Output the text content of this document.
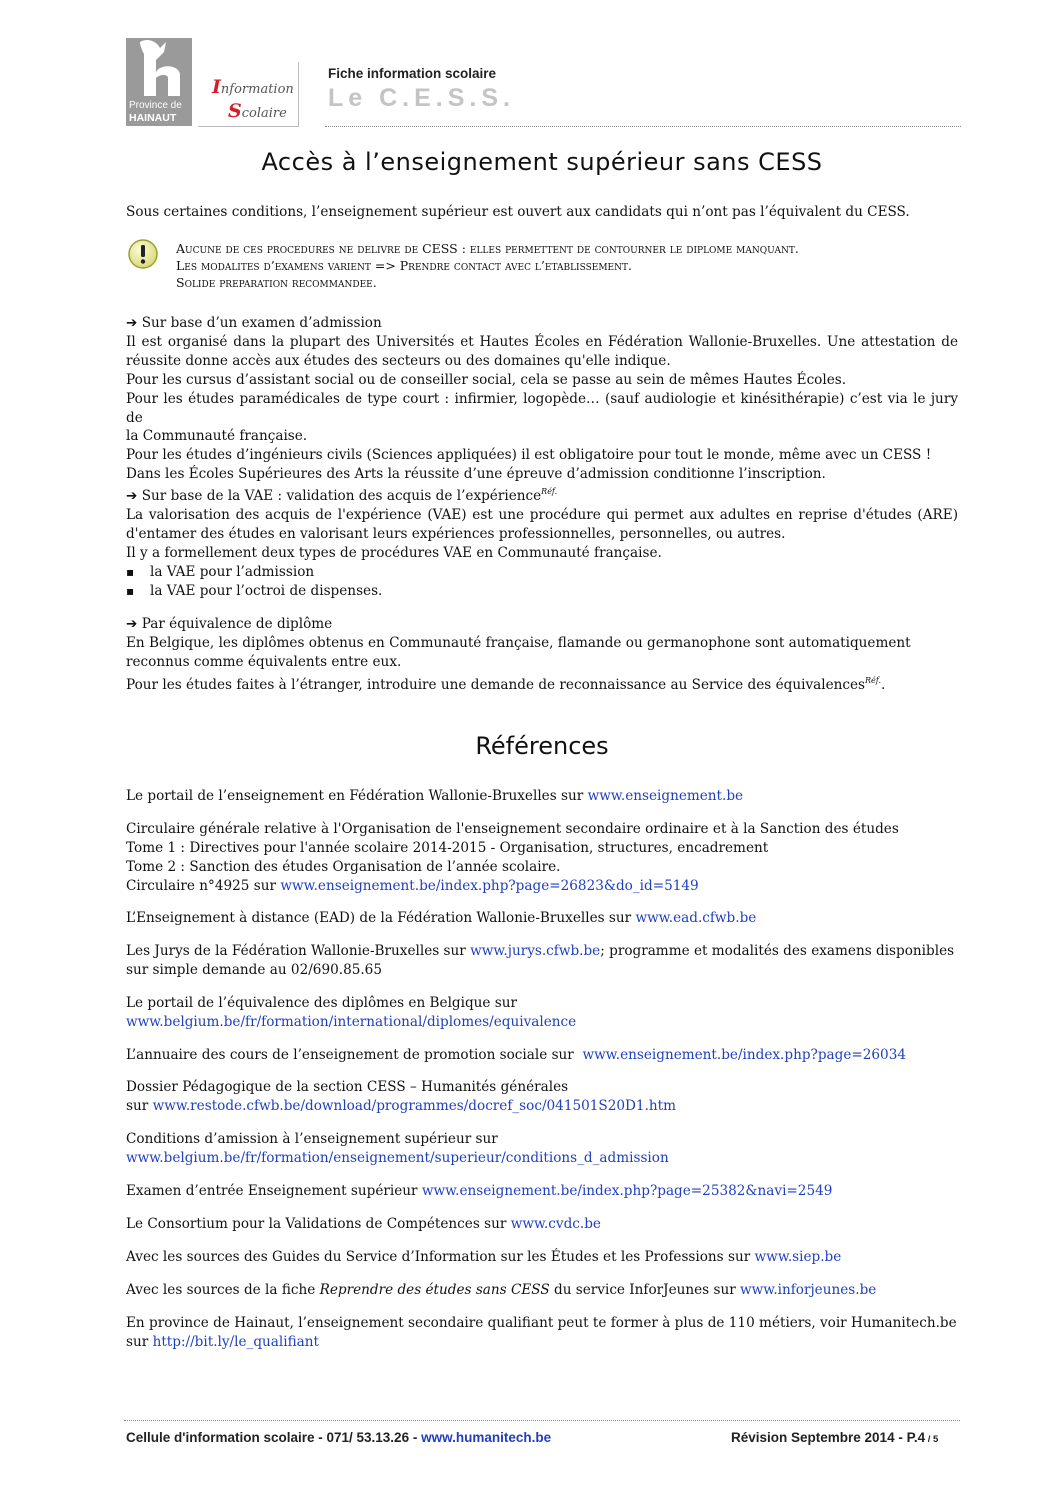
Province de
HAINAUT
Information
Scolaire
Fiche information scolaire
Le C.E.S.S.
Accès à l’enseignement supérieur sans CESS
Sous certaines conditions, l’enseignement supérieur est ouvert aux candidats qui n’ont pas l’équivalent du CESS.
Aucune de ces procedures ne delivre de CESS : elles permettent de contourner le diplome manquant.
Les modalites d’examens varient => Prendre contact avec l’etablissement.
Solide preparation recommandee.
➔ Sur base d’un examen d’admission
Il est organisé dans la plupart des Universités et Hautes Écoles en Fédération Wallonie-Bruxelles. Une attestation de
réussite donne accès aux études des secteurs ou des domaines qu'elle indique.
Pour les cursus d’assistant social ou de conseiller social, cela se passe au sein de mêmes Hautes Écoles.
Pour les études paramédicales de type court : infirmier, logopède… (sauf audiologie et kinésithérapie) c’est via le jury de
la Communauté française.
Pour les études d’ingénieurs civils (Sciences appliquées) il est obligatoire pour tout le monde, même avec un CESS !
Dans les Écoles Supérieures des Arts la réussite d’une épreuve d’admission conditionne l’inscription.
➔ Sur base de la VAE : validation des acquis de l’expérience$^{Réf.}$
La valorisation des acquis de l'expérience (VAE) est une procédure qui permet aux adultes en reprise d'études (ARE)
d'entamer des études en valorisant leurs expériences professionnelles, personnelles, ou autres.
Il y a formellement deux types de procédures VAE en Communauté française.
▪ la VAE pour l’admission
▪ la VAE pour l’octroi de dispenses.
➔ Par équivalence de diplôme
En Belgique, les diplômes obtenus en Communauté française, flamande ou germanophone sont automatiquement
reconnus comme équivalents entre eux.
Pour les études faites à l’étranger, introduire une demande de reconnaissance au Service des équivalences$^{Réf.}$.
Références
Le portail de l’enseignement en Fédération Wallonie-Bruxelles sur www.enseignement.be
Circulaire générale relative à l'Organisation de l'enseignement secondaire ordinaire et à la Sanction des études
Tome 1 : Directives pour l'année scolaire 2014-2015 - Organisation, structures, encadrement
Tome 2 : Sanction des études Organisation de l’année scolaire.
Circulaire n°4925 sur www.enseignement.be/index.php?page=26823&do_id=5149
L’Enseignement à distance (EAD) de la Fédération Wallonie-Bruxelles sur www.ead.cfwb.be
Les Jurys de la Fédération Wallonie-Bruxelles sur www.jurys.cfwb.be; programme et modalités des examens disponibles
sur simple demande au 02/690.85.65
Le portail de l’équivalence des diplômes en Belgique sur
www.belgium.be/fr/formation/international/diplomes/equivalence
L’annuaire des cours de l’enseignement de promotion sociale sur  www.enseignement.be/index.php?page=26034
Dossier Pédagogique de la section CESS – Humanités générales
sur www.restode.cfwb.be/download/programmes/docref_soc/041501S20D1.htm
Conditions d’amission à l’enseignement supérieur sur
www.belgium.be/fr/formation/enseignement/superieur/conditions_d_admission
Examen d’entrée Enseignement supérieur www.enseignement.be/index.php?page=25382&navi=2549
Le Consortium pour la Validations de Compétences sur www.cvdc.be
Avec les sources des Guides du Service d’Information sur les Études et les Professions sur www.siep.be
Avec les sources de la fiche Reprendre des études sans CESS du service InforJeunes sur www.inforjeunes.be
En province de Hainaut, l’enseignement secondaire qualifiant peut te former à plus de 110 métiers, voir Humanitech.be
sur http://bit.ly/le_qualifiant
Cellule d'information scolaire - 071/ 53.13.26 - www.humanitech.be	Révision Septembre 2014 - P.4 / 5
